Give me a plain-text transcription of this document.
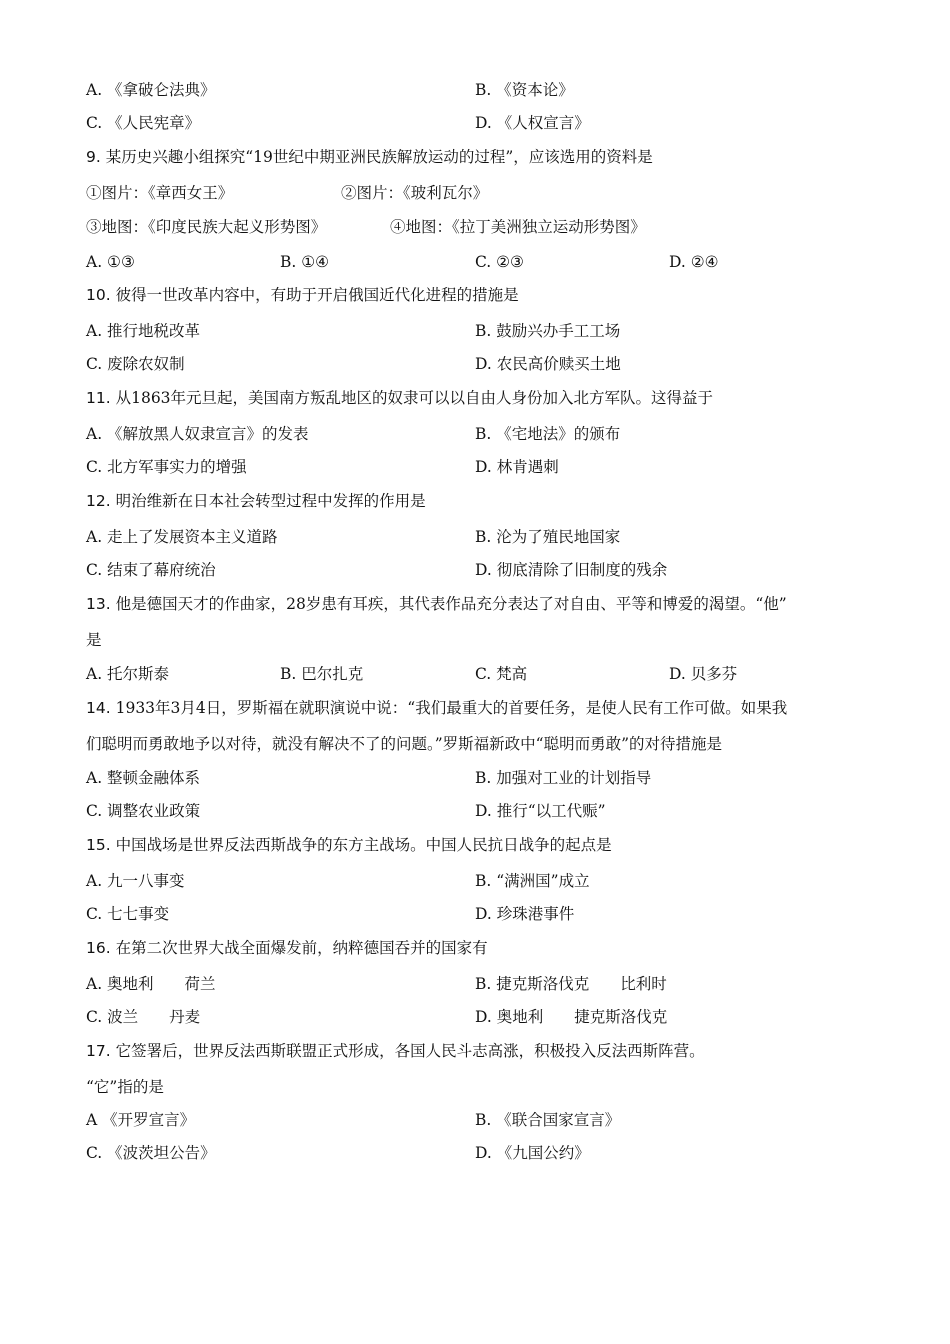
A. 《拿破仑法典》	B. 《资本论》
C. 《人民宪章》	D. 《人权宣言》
9. 某历史兴趣小组探究“19世纪中期亚洲民族解放运动的过程”，应该选用的资料是
①图片：《章西女王》	②图片：《玻利瓦尔》
③地图：《印度民族大起义形势图》	④地图：《拉丁美洲独立运动形势图》
A. ①③	B. ①④	C. ②③	D. ②④
10. 彼得一世改革内容中，有助于开启俄国近代化进程的措施是
A. 推行地税改革	B. 鼓励兴办手工工场
C. 废除农奴制	D. 农民高价赎买土地
11. 从1863年元旦起，美国南方叛乱地区的奴隶可以以自由人身份加入北方军队。这得益于
A. 《解放黑人奴隶宣言》的发表	B. 《宅地法》的颁布
C. 北方军事实力的增强	D. 林肯遇刺
12. 明治维新在日本社会转型过程中发挥的作用是
A. 走上了发展资本主义道路	B. 沦为了殖民地国家
C. 结束了幕府统治	D. 彻底清除了旧制度的残余
13. 他是德国天才的作曲家，28岁患有耳疾，其代表作品充分表达了对自由、平等和博爱的渴望。“他”
是
A. 托尔斯泰	B. 巴尔扎克	C. 梵高	D. 贝多芬
14. 1933年3月4日，罗斯福在就职演说中说：“我们最重大的首要任务，是使人民有工作可做。如果我
们聪明而勇敢地予以对待，就没有解决不了的问题。”罗斯福新政中“聪明而勇敢”的对待措施是
A. 整顿金融体系	B. 加强对工业的计划指导
C. 调整农业政策	D. 推行“以工代赈”
15. 中国战场是世界反法西斯战争的东方主战场。中国人民抗日战争的起点是
A. 九一八事变	B. “满洲国”成立
C. 七七事变	D. 珍珠港事件
16. 在第二次世界大战全面爆发前，纳粹德国吞并的国家有
A. 奥地利　　荷兰	B. 捷克斯洛伐克　　比利时
C. 波兰　　丹麦	D. 奥地利　　捷克斯洛伐克
17. 它签署后，世界反法西斯联盟正式形成，各国人民斗志高涨，积极投入反法西斯阵营。
“它”指的是
A 《开罗宣言》	B. 《联合国家宣言》
C. 《波茨坦公告》	D. 《九国公约》
